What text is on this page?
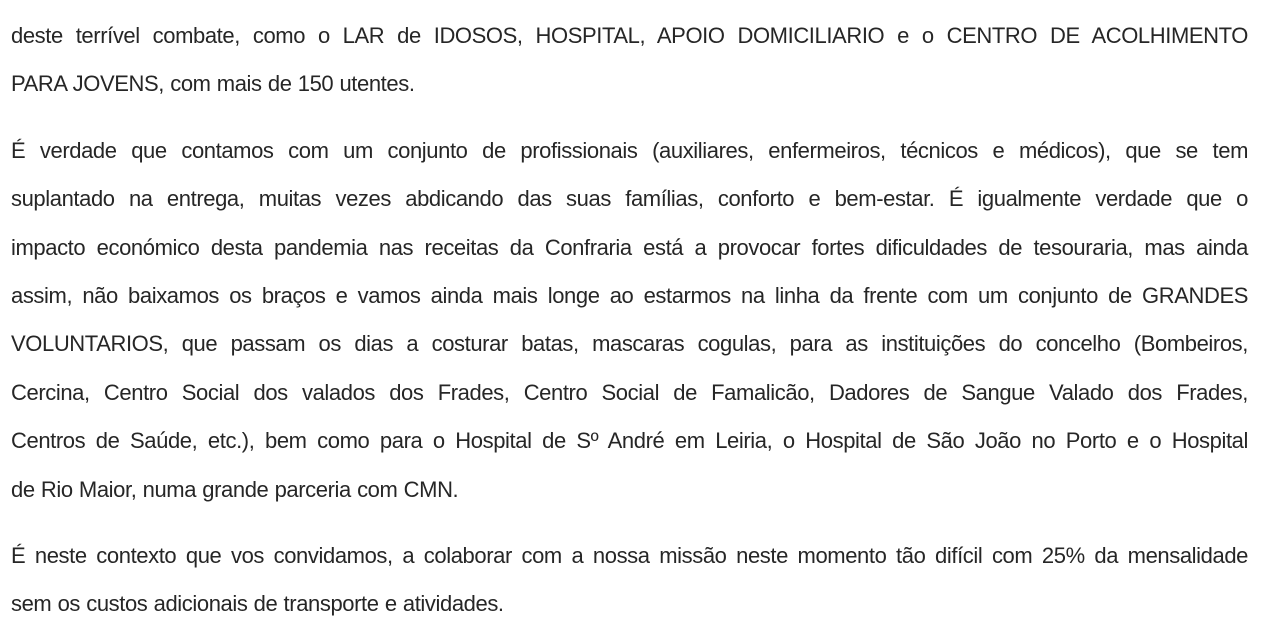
deste terrível combate, como o LAR de IDOSOS, HOSPITAL, APOIO DOMICILIARIO e o CENTRO DE ACOLHIMENTO
PARA JOVENS, com mais de 150 utentes.

É verdade que contamos com um conjunto de profissionais (auxiliares, enfermeiros, técnicos e médicos), que se tem
suplantado na entrega, muitas vezes abdicando das suas famílias, conforto e bem-estar. É igualmente verdade que o
impacto económico desta pandemia nas receitas da Confraria está a provocar fortes dificuldades de tesouraria, mas ainda
assim, não baixamos os braços e vamos ainda mais longe ao estarmos na linha da frente com um conjunto de GRANDES
VOLUNTARIOS, que passam os dias a costurar batas, mascaras cogulas, para as instituições do concelho (Bombeiros,
Cercina, Centro Social dos valados dos Frades, Centro Social de Famalicão, Dadores de Sangue Valado dos Frades,
Centros de Saúde, etc.), bem como para o Hospital de Sº André em Leiria, o Hospital de São João no Porto e o Hospital
de Rio Maior, numa grande parceria com CMN.

É neste contexto que vos convidamos, a colaborar com a nossa missão neste momento tão difícil com 25% da mensalidade
sem os custos adicionais de transporte e atividades.
